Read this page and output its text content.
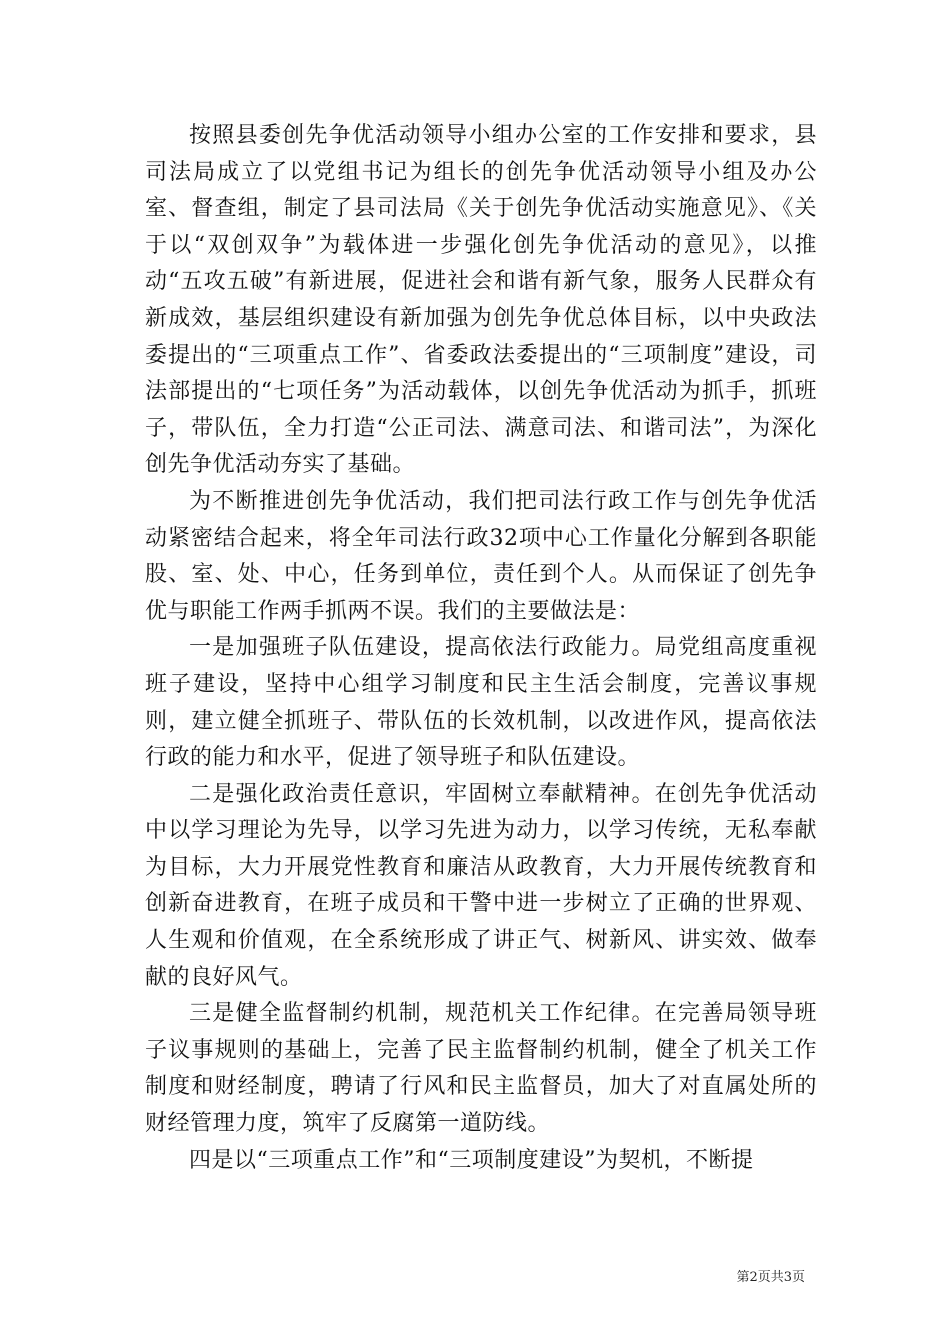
按照县委创先争优活动领导小组办公室的工作安排和要求，县司法局成立了以党组书记为组长的创先争优活动领导小组及办公室、督查组，制定了县司法局《关于创先争优活动实施意见》、《关于以“双创双争”为载体进一步强化创先争优活动的意见》，以推动“五攻五破”有新进展，促进社会和谐有新气象，服务人民群众有新成效，基层组织建设有新加强为创先争优总体目标，以中央政法委提出的“三项重点工作”、省委政法委提出的“三项制度”建设，司法部提出的“七项任务”为活动载体，以创先争优活动为抓手，抓班子，带队伍，全力打造“公正司法、满意司法、和谐司法”，为深化创先争优活动夯实了基础。

为不断推进创先争优活动，我们把司法行政工作与创先争优活动紧密结合起来，将全年司法行政32项中心工作量化分解到各职能股、室、处、中心，任务到单位，责任到个人。从而保证了创先争优与职能工作两手抓两不误。我们的主要做法是：

一是加强班子队伍建设，提高依法行政能力。局党组高度重视班子建设，坚持中心组学习制度和民主生活会制度，完善议事规则，建立健全抓班子、带队伍的长效机制，以改进作风，提高依法行政的能力和水平，促进了领导班子和队伍建设。

二是强化政治责任意识，牢固树立奉献精神。在创先争优活动中以学习理论为先导，以学习先进为动力，以学习传统，无私奉献为目标，大力开展党性教育和廉洁从政教育，大力开展传统教育和创新奋进教育，在班子成员和干警中进一步树立了正确的世界观、人生观和价值观，在全系统形成了讲正气、树新风、讲实效、做奉献的良好风气。

三是健全监督制约机制，规范机关工作纪律。在完善局领导班子议事规则的基础上，完善了民主监督制约机制，健全了机关工作制度和财经制度，聘请了行风和民主监督员，加大了对直属处所的财经管理力度，筑牢了反腐第一道防线。

四是以“三项重点工作”和“三项制度建设”为契机，不断提

第2页共3页
